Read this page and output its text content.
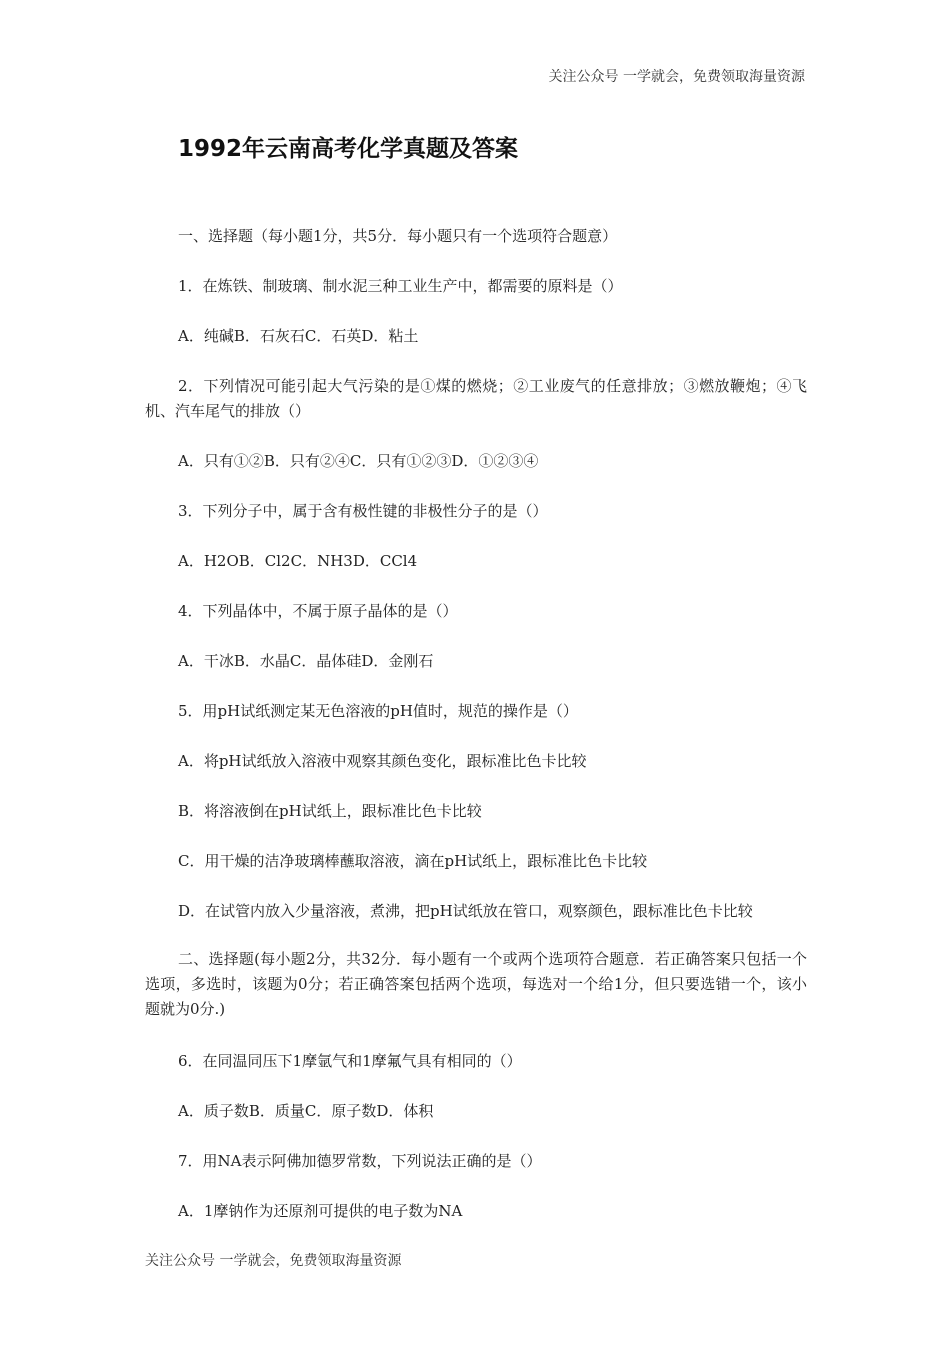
关注公众号 一学就会，免费领取海量资源
1992年云南高考化学真题及答案
一、选择题（每小题1分，共5分．每小题只有一个选项符合题意）
1．在炼铁、制玻璃、制水泥三种工业生产中，都需要的原料是（）
A．纯碱B．石灰石C．石英D．粘土

2．下列情况可能引起大气污染的是①煤的燃烧；②工业废气的任意排放；③燃放鞭炮；④飞机、汽车尾气的排放（）

A．只有①②B．只有②④C．只有①②③D．①②③④
3．下列分子中，属于含有极性键的非极性分子的是（）
A．H2OB．Cl2C．NH3D．CCl4
4．下列晶体中，不属于原子晶体的是（）
A．干冰B．水晶C．晶体硅D．金刚石
5．用pH试纸测定某无色溶液的pH值时，规范的操作是（）
A．将pH试纸放入溶液中观察其颜色变化，跟标准比色卡比较
B．将溶液倒在pH试纸上，跟标准比色卡比较
C．用干燥的洁净玻璃棒蘸取溶液，滴在pH试纸上，跟标准比色卡比较
D．在试管内放入少量溶液，煮沸，把pH试纸放在管口，观察颜色，跟标准比色卡比较

二、选择题(每小题2分，共32分．每小题有一个或两个选项符合题意．若正确答案只包括一个选项，多选时，该题为0分；若正确答案包括两个选项，每选对一个给1分，但只要选错一个，该小题就为0分.)

6．在同温同压下1摩氩气和1摩氟气具有相同的（）
A．质子数B．质量C．原子数D．体积
7．用NA表示阿佛加德罗常数，下列说法正确的是（）
A．1摩钠作为还原剂可提供的电子数为NA
关注公众号 一学就会，免费领取海量资源
